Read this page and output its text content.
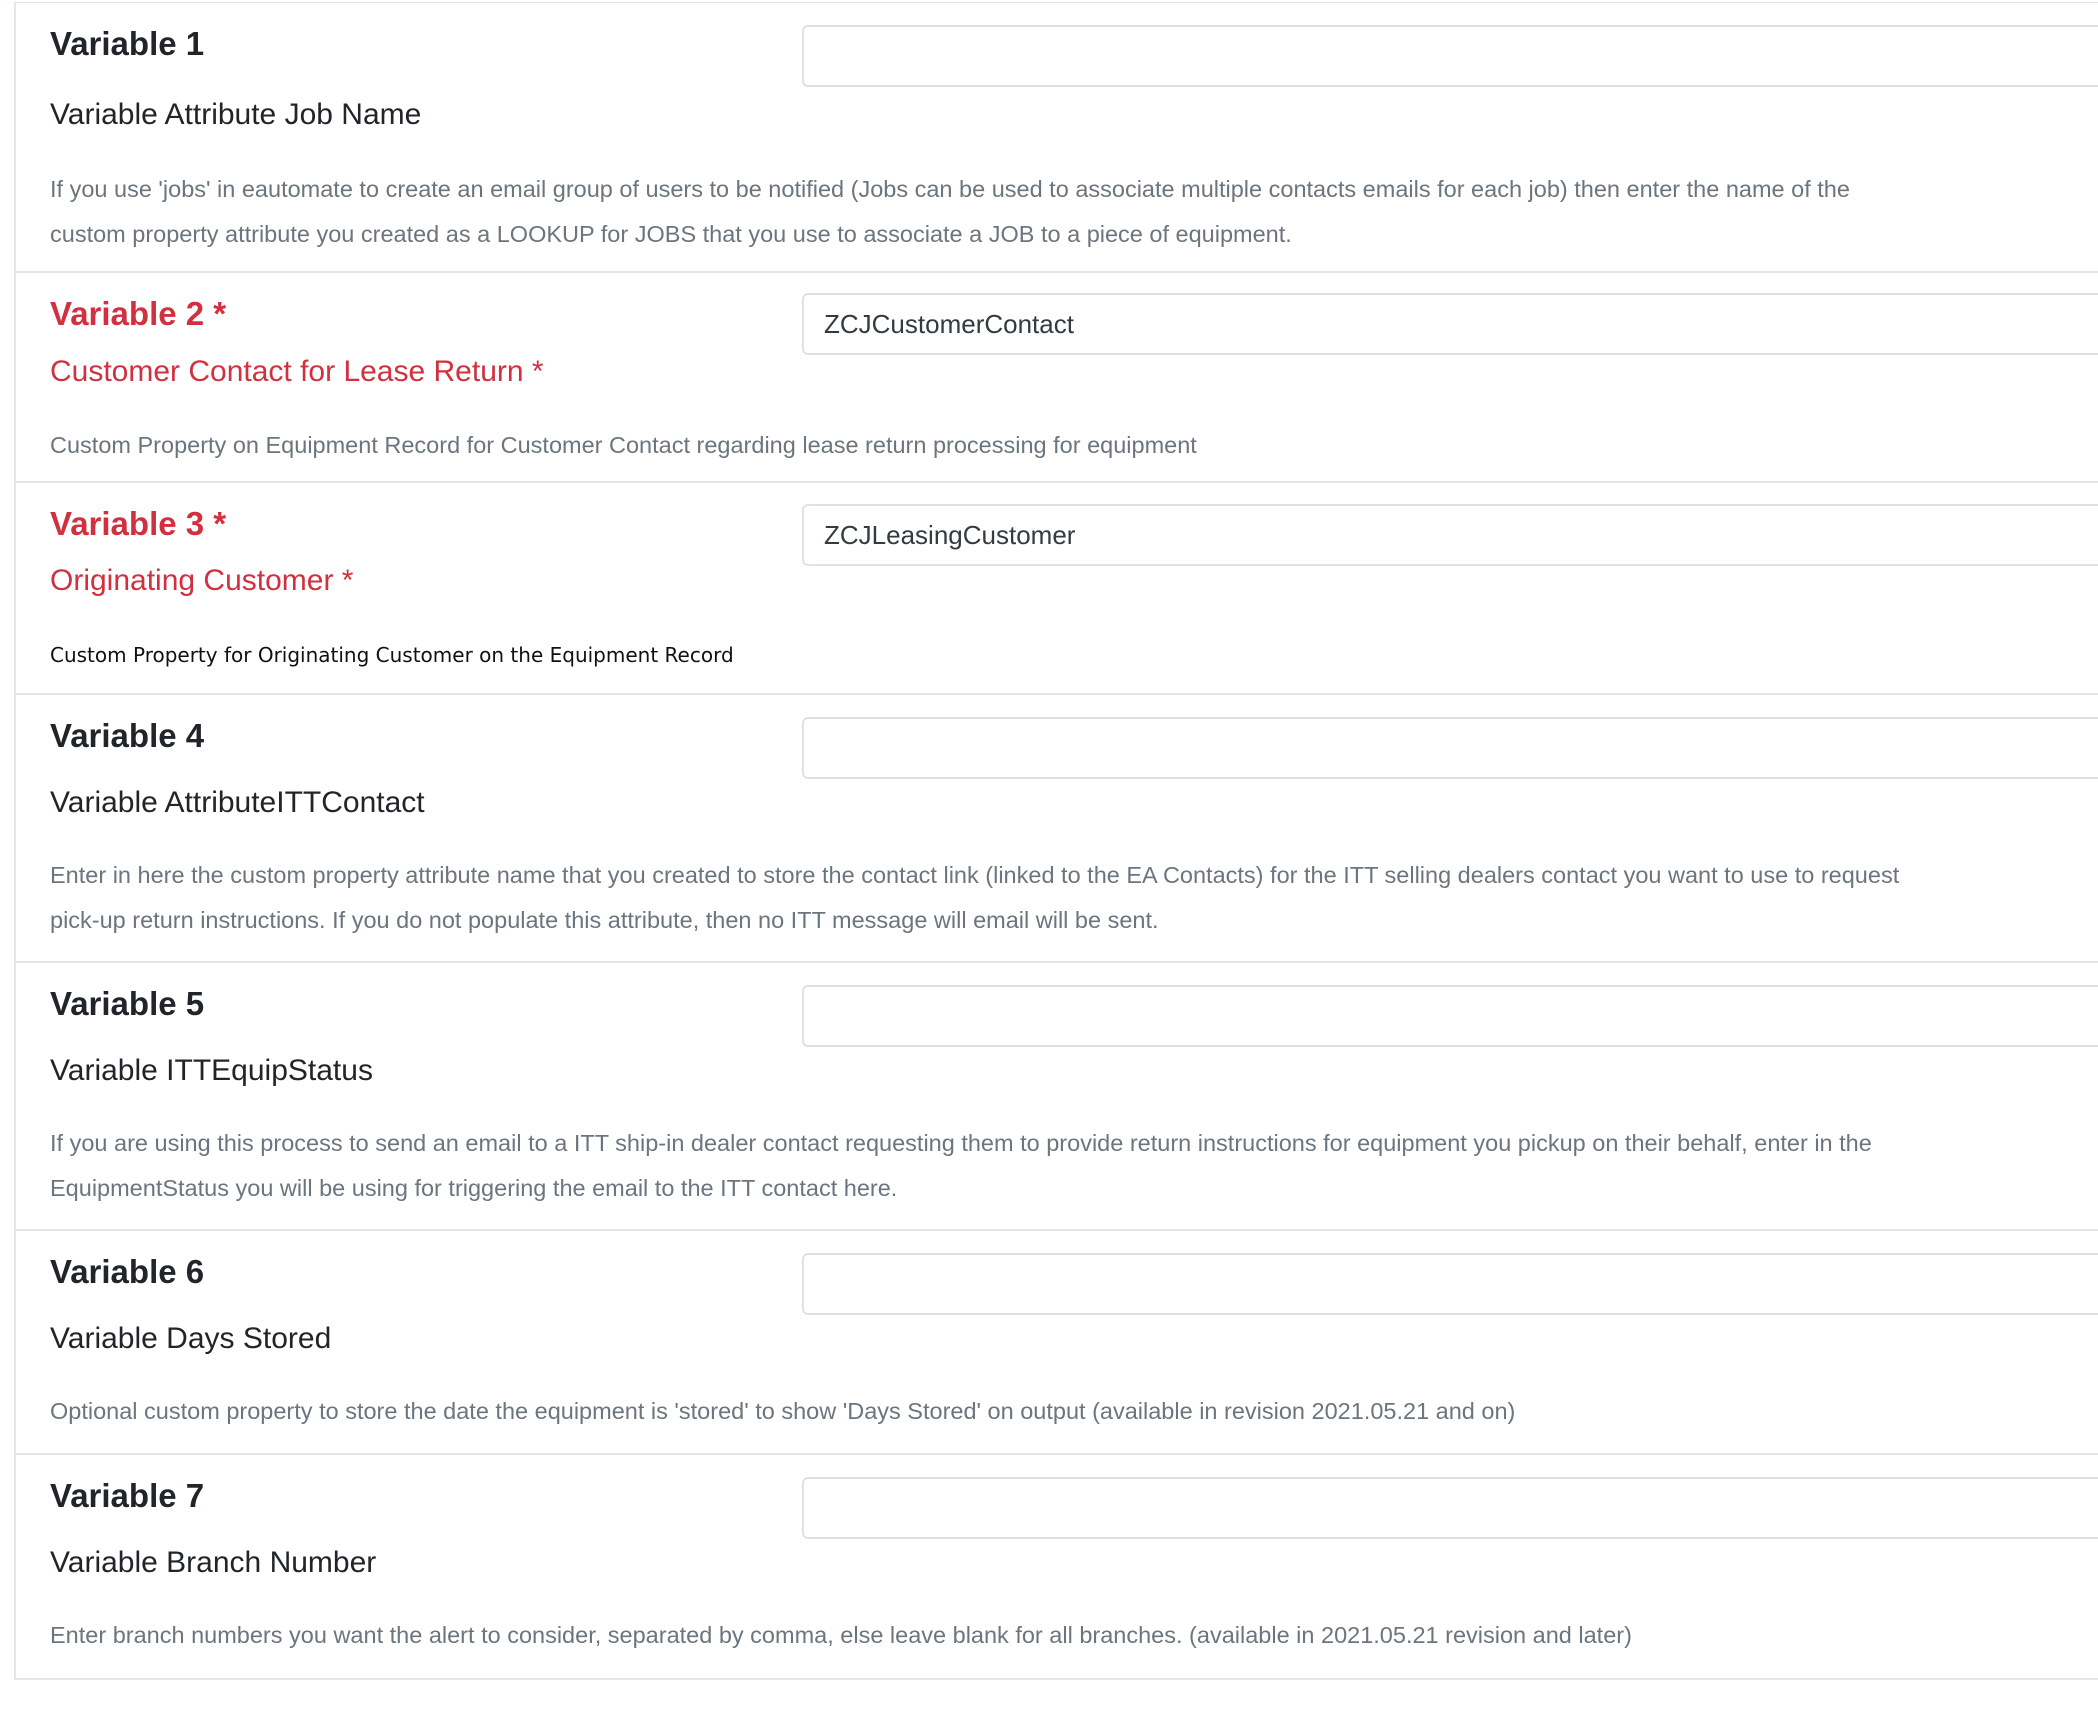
Variable 1
Variable Attribute Job Name
If you use 'jobs' in eautomate to create an email group of users to be notified (Jobs can be used to associate multiple contacts emails for each job) then enter the name of the custom property attribute you created as a LOOKUP for JOBS that you use to associate a JOB to a piece of equipment.
Variable 2 *
Customer Contact for Lease Return *
ZCJCustomerContact
Custom Property on Equipment Record for Customer Contact regarding lease return processing for equipment
Variable 3 *
Originating Customer *
ZCJLeasingCustomer
Custom Property for Originating Customer on the Equipment Record
Variable 4
Variable AttributeITTContact
Enter in here the custom property attribute name that you created to store the contact link (linked to the EA Contacts) for the ITT selling dealers contact you want to use to request pick-up return instructions. If you do not populate this attribute, then no ITT message will email will be sent.
Variable 5
Variable ITTEquipStatus
If you are using this process to send an email to a ITT ship-in dealer contact requesting them to provide return instructions for equipment you pickup on their behalf, enter in the EquipmentStatus you will be using for triggering the email to the ITT contact here.
Variable 6
Variable Days Stored
Optional custom property to store the date the equipment is 'stored' to show 'Days Stored' on output (available in revision 2021.05.21 and on)
Variable 7
Variable Branch Number
Enter branch numbers you want the alert to consider, separated by comma, else leave blank for all branches. (available in 2021.05.21 revision and later)
